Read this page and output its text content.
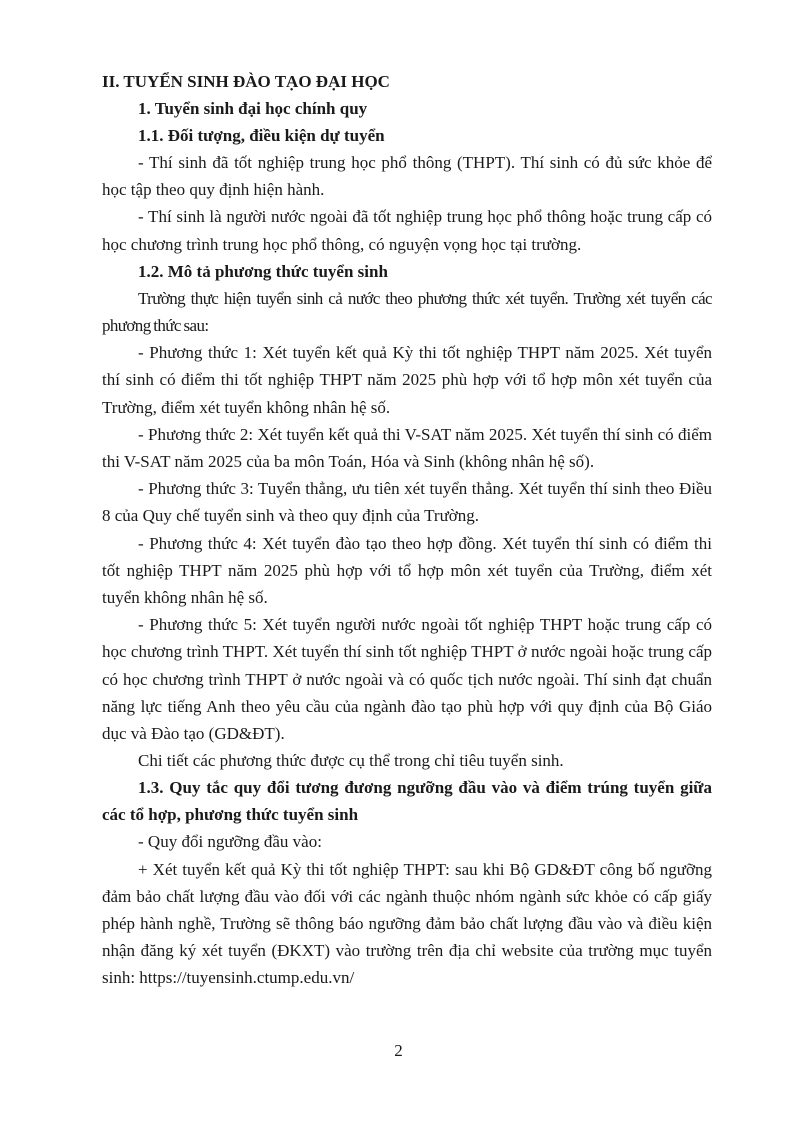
II. TUYỂN SINH ĐÀO TẠO ĐẠI HỌC

1. Tuyển sinh đại học chính quy

1.1. Đối tượng, điều kiện dự tuyển

- Thí sinh đã tốt nghiệp trung học phổ thông (THPT). Thí sinh có đủ sức khỏe để học tập theo quy định hiện hành.

- Thí sinh là người nước ngoài đã tốt nghiệp trung học phổ thông hoặc trung cấp có học chương trình trung học phổ thông, có nguyện vọng học tại trường.

1.2. Mô tả phương thức tuyển sinh

Trường thực hiện tuyển sinh cả nước theo phương thức xét tuyển. Trường xét tuyển các phương thức sau:

- Phương thức 1: Xét tuyển kết quả Kỳ thi tốt nghiệp THPT năm 2025. Xét tuyển thí sinh có điểm thi tốt nghiệp THPT năm 2025 phù hợp với tổ hợp môn xét tuyển của Trường, điểm xét tuyển không nhân hệ số.

- Phương thức 2: Xét tuyển kết quả thi V-SAT năm 2025. Xét tuyển thí sinh có điểm thi V-SAT năm 2025 của ba môn Toán, Hóa và Sinh (không nhân hệ số).

- Phương thức 3: Tuyển thẳng, ưu tiên xét tuyển thẳng. Xét tuyển thí sinh theo Điều 8 của Quy chế tuyển sinh và theo quy định của Trường.

- Phương thức 4: Xét tuyển đào tạo theo hợp đồng. Xét tuyển thí sinh có điểm thi tốt nghiệp THPT năm 2025 phù hợp với tổ hợp môn xét tuyển của Trường, điểm xét tuyển không nhân hệ số.

- Phương thức 5: Xét tuyển người nước ngoài tốt nghiệp THPT hoặc trung cấp có học chương trình THPT. Xét tuyển thí sinh tốt nghiệp THPT ở nước ngoài hoặc trung cấp có học chương trình THPT ở nước ngoài và có quốc tịch nước ngoài. Thí sinh đạt chuẩn năng lực tiếng Anh theo yêu cầu của ngành đào tạo phù hợp với quy định của Bộ Giáo dục và Đào tạo (GD&ĐT).

Chi tiết các phương thức được cụ thể trong chỉ tiêu tuyển sinh.

1.3. Quy tắc quy đổi tương đương ngưỡng đầu vào và điểm trúng tuyển giữa các tổ hợp, phương thức tuyển sinh

- Quy đổi ngưỡng đầu vào:

+ Xét tuyển kết quả Kỳ thi tốt nghiệp THPT: sau khi Bộ GD&ĐT công bố ngưỡng đảm bảo chất lượng đầu vào đối với các ngành thuộc nhóm ngành sức khỏe có cấp giấy phép hành nghề, Trường sẽ thông báo ngưỡng đảm bảo chất lượng đầu vào và điều kiện nhận đăng ký xét tuyển (ĐKXT) vào trường trên địa chỉ website của trường mục tuyển sinh: https://tuyensinh.ctump.edu.vn/

2
